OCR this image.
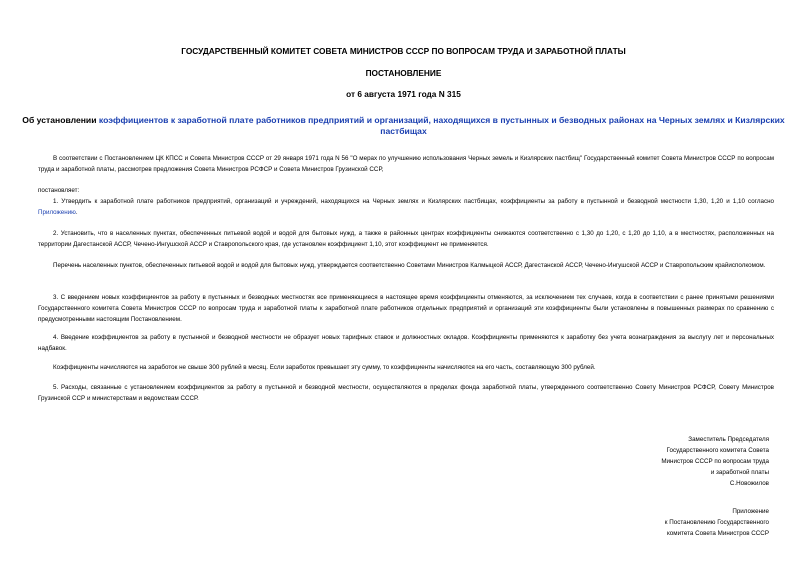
ГОСУДАРСТВЕННЫЙ КОМИТЕТ СОВЕТА МИНИСТРОВ СССР ПО ВОПРОСАМ ТРУДА И ЗАРАБОТНОЙ ПЛАТЫ
ПОСТАНОВЛЕНИЕ
от 6 августа 1971 года N 315
Об установлении коэффициентов к заработной плате работников предприятий и организаций, находящихся в пустынных и безводных районах на Черных землях и Кизлярских пастбищах
В соответствии с Постановлением ЦК КПСС и Совета Министров СССР от 29 января 1971 года N 56 "О мерах по улучшению использования Черных земель и Кизлярских пастбищ" Государственный комитет Совета Министров СССР по вопросам труда и заработной платы, рассмотрев предложения Совета Министров РСФСР и Совета Министров Грузинской ССР,
постановляет:
1. Утвердить к заработной плате работников предприятий, организаций и учреждений, находящихся на Черных землях и Кизлярских пастбищах, коэффициенты за работу в пустынной и безводной местности 1,30, 1,20 и 1,10 согласно Приложению.
2. Установить, что в населенных пунктах, обеспеченных питьевой водой и водой для бытовых нужд, а также в районных центрах коэффициенты снижаются соответственно с 1,30 до 1,20, с 1,20 до 1,10, а в местностях, расположенных на территории Дагестанской АССР, Чечено-Ингушской АССР и Ставропольского края, где установлен коэффициент 1,10, этот коэффициент не применяется.
Перечень населенных пунктов, обеспеченных питьевой водой и водой для бытовых нужд, утверждается соответственно Советами Министров Калмыцкой АССР, Дагестанской АССР, Чечено-Ингушской АССР и Ставропольским крайисполкомом.
3. С введением новых коэффициентов за работу в пустынных и безводных местностях все применяющиеся в настоящее время коэффициенты отменяются, за исключением тех случаев, когда в соответствии с ранее принятыми решениями Государственного комитета Совета Министров СССР по вопросам труда и заработной платы к заработной плате работников отдельных предприятий и организаций эти коэффициенты были установлены в повышенных размерах по сравнению с предусмотренными настоящим Постановлением.
4. Введение коэффициентов за работу в пустынной и безводной местности не образует новых тарифных ставок и должностных окладов. Коэффициенты применяются к заработку без учета вознаграждения за выслугу лет и персональных надбавок.
Коэффициенты начисляются на заработок не свыше 300 рублей в месяц. Если заработок превышает эту сумму, то коэффициенты начисляются на его часть, составляющую 300 рублей.
5. Расходы, связанные с установлением коэффициентов за работу в пустынной и безводной местности, осуществляются в пределах фонда заработной платы, утвержденного соответственно Совету Министров РСФСР, Совету Министров Грузинской ССР и министерствам и ведомствам СССР.
Заместитель Председателя
Государственного комитета Совета
Министров СССР по вопросам труда
и заработной платы
С.Новожилов
Приложение
к Постановлению Государственного
комитета Совета Министров СССР
